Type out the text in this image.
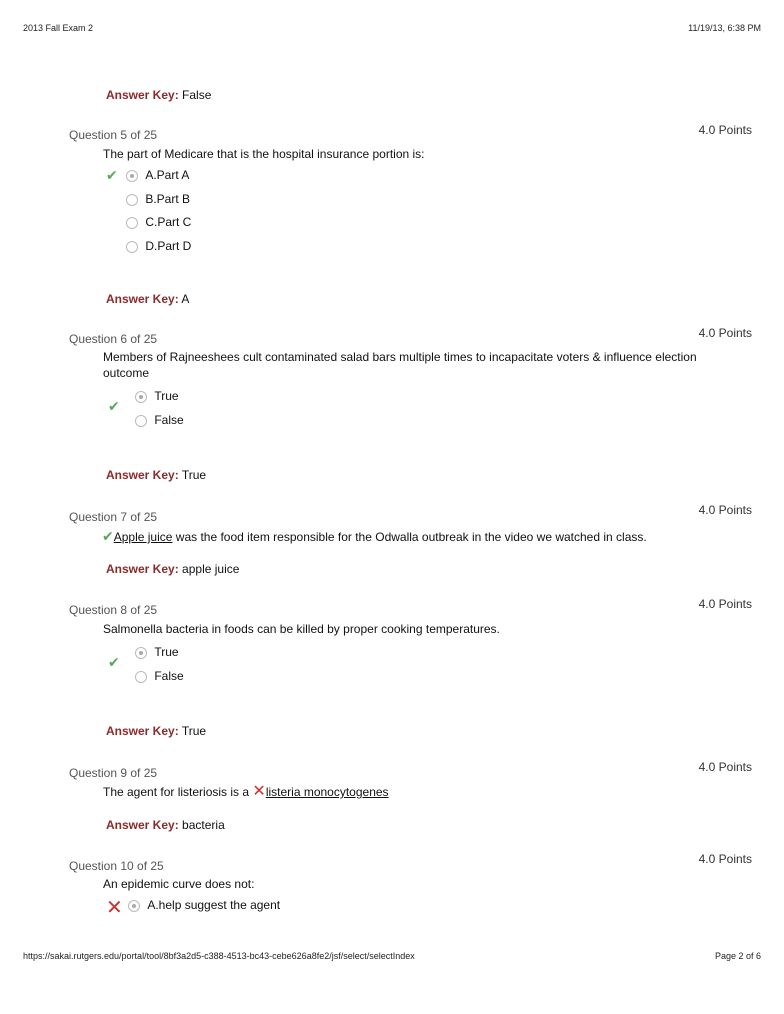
2013 Fall Exam 2	11/19/13, 6:38 PM
Answer Key: False
Question 5 of 25	4.0 Points
The part of Medicare that is the hospital insurance portion is:
✔	A.Part A
B.Part B
C.Part C
D.Part D
Answer Key: A
Question 6 of 25	4.0 Points
Members of Rajneeshees cult contaminated salad bars multiple times to incapacitate voters & influence election outcome
✔
True
False
Answer Key: True
Question 7 of 25	4.0 Points
✔Apple juice was the food item responsible for the Odwalla outbreak in the video we watched in class.
Answer Key: apple juice
Question 8 of 25	4.0 Points
Salmonella bacteria in foods can be killed by proper cooking temperatures.
✔
True
False
Answer Key: True
Question 9 of 25	4.0 Points
The agent for listeriosis is a ✕listeria monocytogenes
Answer Key: bacteria
Question 10 of 25	4.0 Points
An epidemic curve does not:
✕	A.help suggest the agent
https://sakai.rutgers.edu/portal/tool/8bf3a2d5-c388-4513-bc43-cebe626a8fe2/jsf/select/selectIndex	Page 2 of 6
